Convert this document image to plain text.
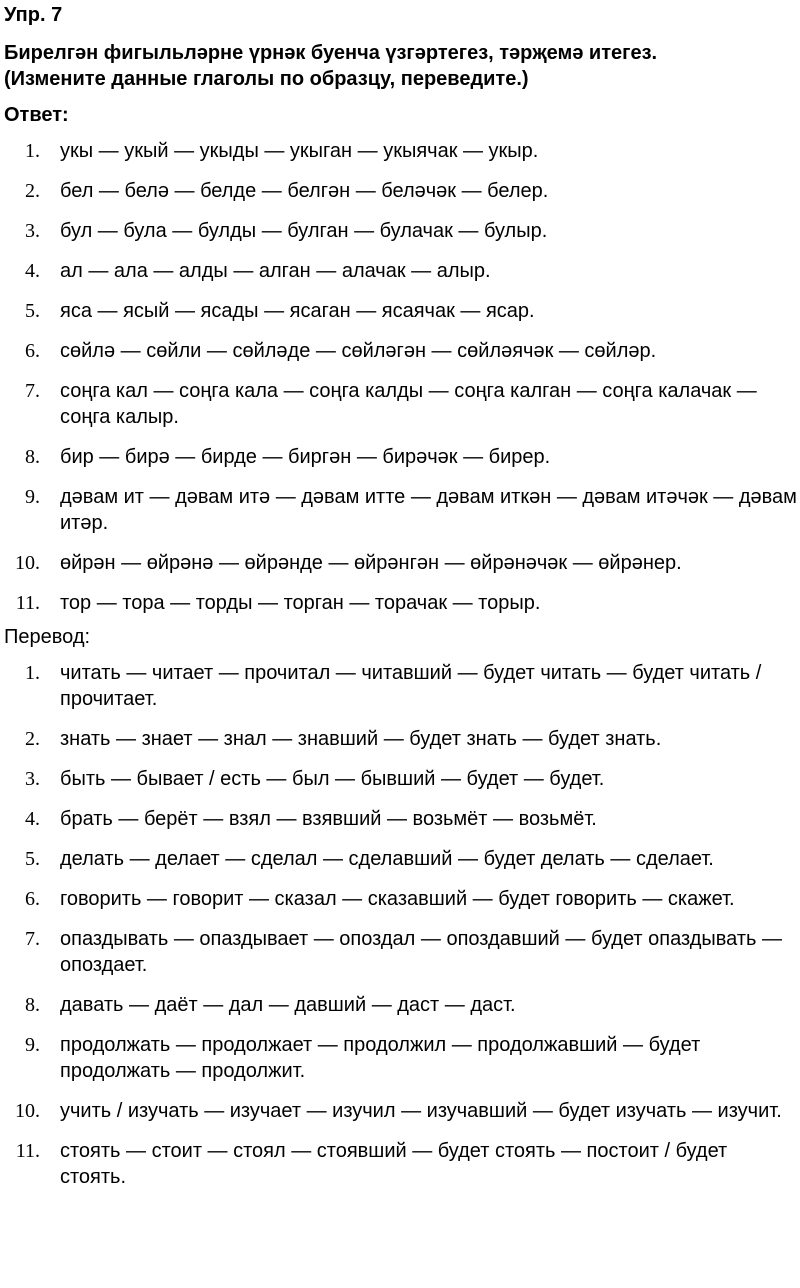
Упр. 7
Бирелгән фигыльләрне үрнәк буенча үзгәртегез, тәрҗемә итегез.
(Измените данные глаголы по образцу, переведите.)
Ответ:
1. укы — укый — укыды — укыган — укыячак — укыр.
2. бел — белә — белде — белгән — беләчәк — белер.
3. бул — була — булды — булган — булачак — булыр.
4. ал — ала — алды — алган — алачак — алыр.
5. яса — ясый — ясады — ясаган — ясаячак — ясар.
6. сөйлә — сөйли — сөйләде — сөйләгән — сөйләячәк — сөйләр.
7. соңга кал — соңга кала — соңга калды — соңга калган — соңга калачак — соңга калыр.
8. бир — бирә — бирде — биргән — бирәчәк — бирер.
9. дәвам ит — дәвам итә — дәвам итте — дәвам иткән — дәвам итәчәк — дәвам итәр.
10. өйрән — өйрәнә — өйрәнде — өйрәнгән — өйрәнәчәк — өйрәнер.
11. тор — тора — торды — торган — торачак — торыр.
Перевод:
1. читать — читает — прочитал — читавший — будет читать — будет читать / прочитает.
2. знать — знает — знал — знавший — будет знать — будет знать.
3. быть — бывает / есть — был — бывший — будет — будет.
4. брать — берёт — взял — взявший — возьмёт — возьмёт.
5. делать — делает — сделал — сделавший — будет делать — сделает.
6. говорить — говорит — сказал — сказавший — будет говорить — скажет.
7. опаздывать — опаздывает — опоздал — опоздавший — будет опаздывать — опоздает.
8. давать — даёт — дал — давший — даст — даст.
9. продолжать — продолжает — продолжил — продолжавший — будет продолжать — продолжит.
10. учить / изучать — изучает — изучил — изучавший — будет изучать — изучит.
11. стоять — стоит — стоял — стоявший — будет стоять — постоит / будет стоять.
